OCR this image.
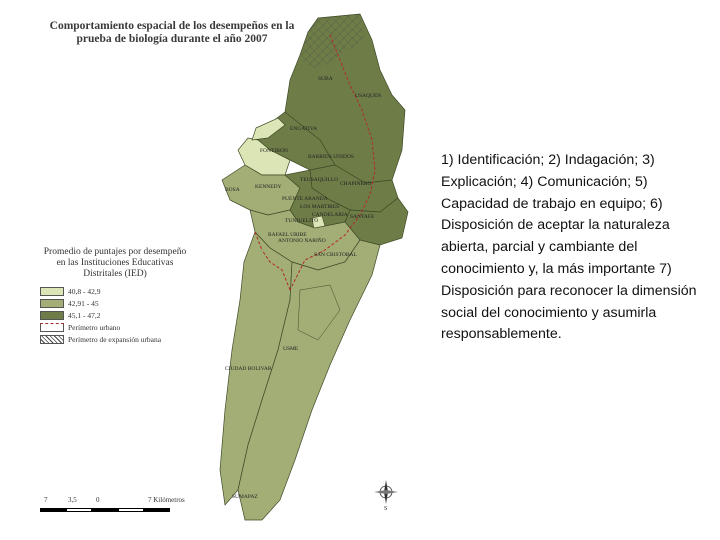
Comportamiento espacial de los desempeños en la prueba de biología durante el año 2007
USAQUEN
SUBA
ENGATIVA
FONTIBON
BARRIOS UNIDOS
TEUSAQUILLO
CHAPINERO
BOSA	KENNEDY
PUENTE ARANDA
LOS MARTIRES
CANDELARIA SANTAFE
TUNJUELITO
RAFAEL URIBE
ANTONIO NARIÑO
SAN CRISTOBAL
USME
CIUDAD BOLIVAR
SUMAPAZ
S
Promedio de puntajes por desempeño en las Instituciones Educativas Distritales (IED)
40,8 - 42,9
42,91 - 45
45,1 - 47,2
Perímetro urbano
Perímetro de expansión urbana
7	3,5	0	7 Kilómetros
1) Identificación; 2) Indagación; 3) Explicación; 4) Comunicación; 5) Capacidad de trabajo en equipo; 6) Disposición de aceptar la naturaleza abierta, parcial y cambiante del conocimiento y, la más importante 7) Disposición para reconocer la dimensión social del conocimiento y asumirla responsablemente.
